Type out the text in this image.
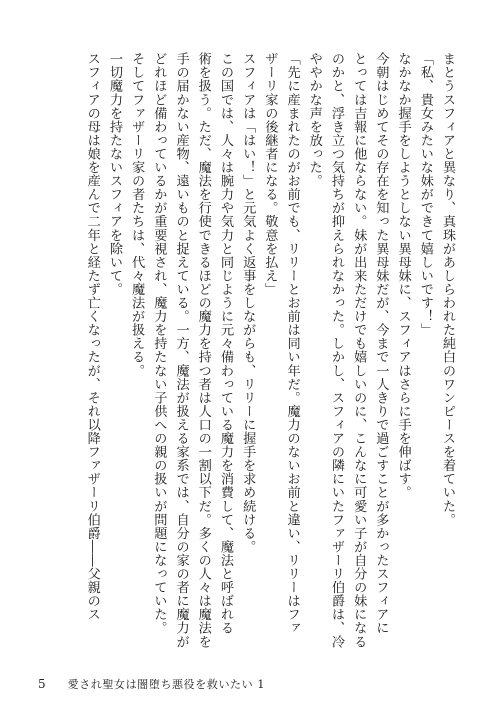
まとうスフィアと異なり、真珠があしらわれた純白のワンピースを着ていた。

「私、貴女みたいな妹ができて嬉しいです！」

なかなか握手をしようとしない異母妹に、スフィアはさらに手を伸ばす。

今朝はじめてその存在を知った異母妹だが、今まで一人きりで過ごすことが多かったスフィアに

とっては吉報に他ならない。妹が出来ただけでも嬉しいのに、こんなに可愛い子が自分の妹になる

のかと、浮き立つ気持ちが抑えられなかった。しかし、スフィアの隣にいたファザーリ伯爵は、冷

ややかな声を放った。

「先に産まれたのがお前でも、リリーとお前は同い年だ。魔力のないお前と違い、リリーはファ

ザーリ家の後継者になる。敬意を払え」

スフィアは「はい！」と元気よく返事をしながらも、リリーに握手を求め続ける。

この国では、人々は腕力や気力と同じように元々備わっている魔力を消費して、魔法と呼ばれる

術を扱う。ただ、魔法を行使できるほどの魔力を持つ者は人口の一割以下だ。多くの人々は魔法を

手の届かない産物、遠いものと捉えている。一方、魔法が扱える家系では、自分の家の者に魔力が

どれほど備わっているかが重要視され、魔力を持たない子供への親の扱いが問題になっていた。

そしてファザーリ家の者たちは、代々魔法が扱える。

一切魔力を持たないスフィアを除いて。

スフィアの母は娘を産んで二年と経たず亡くなったが、それ以降ファザーリ伯爵――父親のス

5 愛され聖女は闇堕ち悪役を救いたい 1
